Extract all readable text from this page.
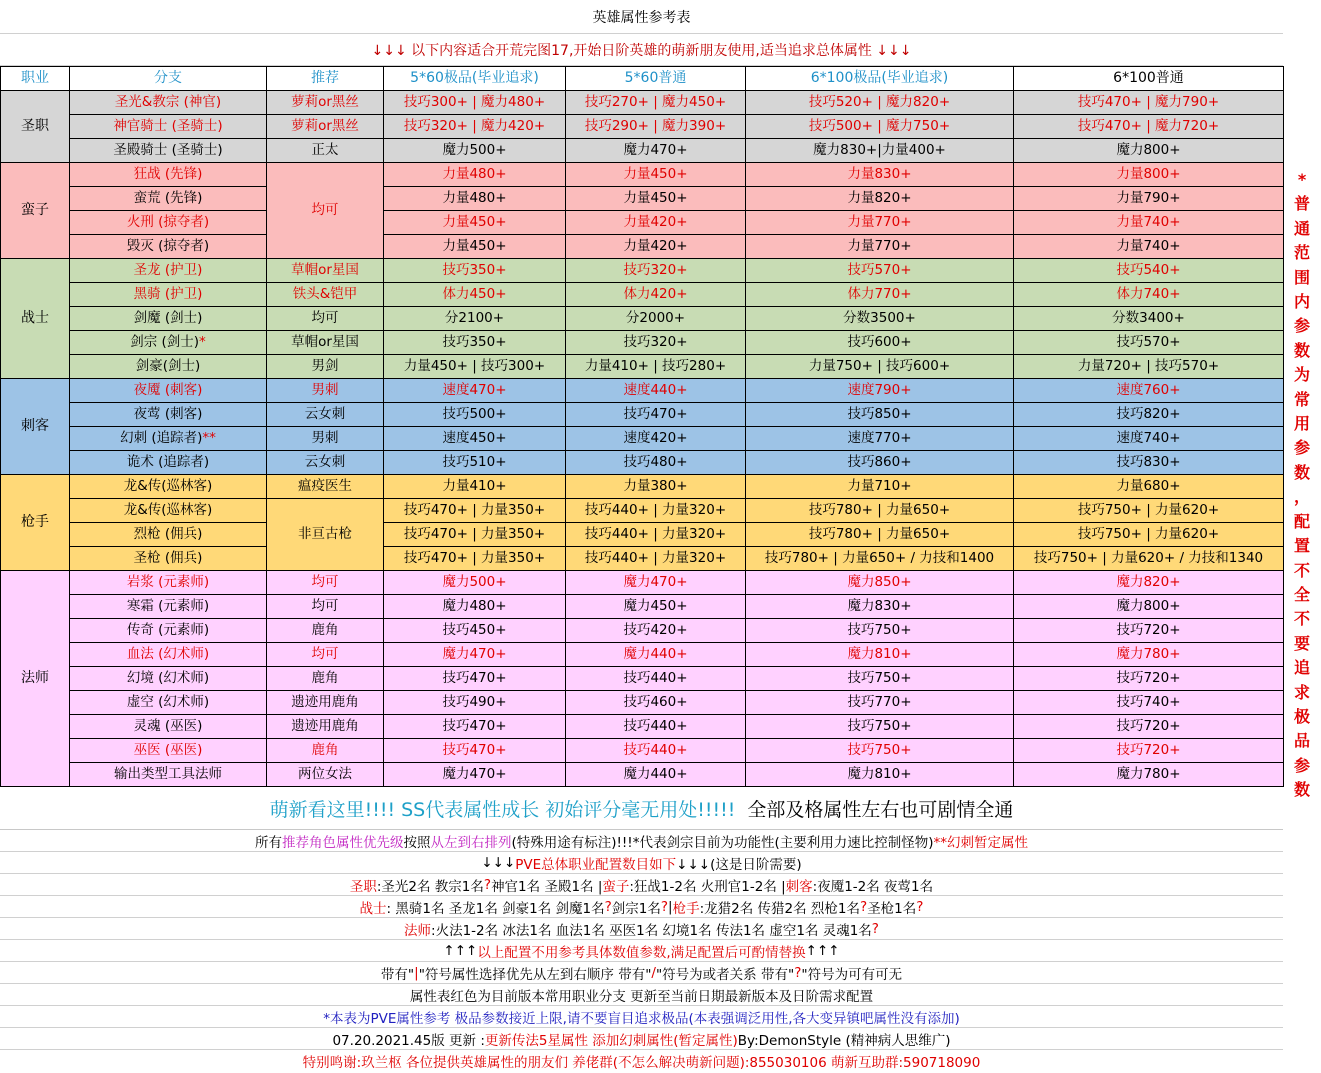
英雄属性参考表
↓↓↓ 以下内容适合开荒完图17,开始日阶英雄的萌新朋友使用,适当追求总体属性 ↓↓↓
职业	分支	推荐	5*60极品(毕业追求)	5*60普通	6*100极品(毕业追求)	6*100普通
圣职	圣光&教宗 (神官)	萝莉or黑丝	技巧300+ | 魔力480+	技巧270+ | 魔力450+	技巧520+ | 魔力820+	技巧470+ | 魔力790+
	神官骑士 (圣骑士)	萝莉or黑丝	技巧320+ | 魔力420+	技巧290+ | 魔力390+	技巧500+ | 魔力750+	技巧470+ | 魔力720+
	圣殿骑士 (圣骑士)	正太	魔力500+	魔力470+	魔力830+|力量400+	魔力800+
蛮子	狂战 (先锋)	均可	力量480+	力量450+	力量830+	力量800+
	蛮荒 (先锋)		力量480+	力量450+	力量820+	力量790+
	火刑 (掠夺者)		力量450+	力量420+	力量770+	力量740+
	毁灭 (掠夺者)		力量450+	力量420+	力量770+	力量740+
战士	圣龙 (护卫)	草帽or星国	技巧350+	技巧320+	技巧570+	技巧540+
	黑骑 (护卫)	铁头&铠甲	体力450+	体力420+	体力770+	体力740+
	剑魔 (剑士)	均可	分2100+	分2000+	分数3500+	分数3400+
	剑宗 (剑士)*	草帽or星国	技巧350+	技巧320+	技巧600+	技巧570+
	剑豪(剑士)	男剑	力量450+ | 技巧300+	力量410+ | 技巧280+	力量750+ | 技巧600+	力量720+ | 技巧570+
刺客	夜魇 (刺客)	男刺	速度470+	速度440+	速度790+	速度760+
	夜莺 (刺客)	云女刺	技巧500+	技巧470+	技巧850+	技巧820+
	幻刺 (追踪者)**	男刺	速度450+	速度420+	速度770+	速度740+
	诡术 (追踪者)	云女刺	技巧510+	技巧480+	技巧860+	技巧830+
枪手	龙&传(巡林客)	瘟疫医生	力量410+	力量380+	力量710+	力量680+
	龙&传(巡林客)	非亘古枪	技巧470+ | 力量350+	技巧440+ | 力量320+	技巧780+ | 力量650+	技巧750+ | 力量620+
	烈枪 (佣兵)		技巧470+ | 力量350+	技巧440+ | 力量320+	技巧780+ | 力量650+	技巧750+ | 力量620+
	圣枪 (佣兵)		技巧470+ | 力量350+	技巧440+ | 力量320+	技巧780+ | 力量650+ / 力技和1400	技巧750+ | 力量620+ / 力技和1340
法师	岩浆 (元素师)	均可	魔力500+	魔力470+	魔力850+	魔力820+
	寒霜 (元素师)	均可	魔力480+	魔力450+	魔力830+	魔力800+
	传奇 (元素师)	鹿角	技巧450+	技巧420+	技巧750+	技巧720+
	血法 (幻术师)	均可	魔力470+	魔力440+	魔力810+	魔力780+
	幻境 (幻术师)	鹿角	技巧470+	技巧440+	技巧750+	技巧720+
	虚空 (幻术师)	遗迹用鹿角	技巧490+	技巧460+	技巧770+	技巧740+
	灵魂 (巫医)	遗迹用鹿角	技巧470+	技巧440+	技巧750+	技巧720+
	巫医 (巫医)	鹿角	技巧470+	技巧440+	技巧750+	技巧720+
	输出类型工具法师	两位女法	魔力470+	魔力440+	魔力810+	魔力780+
*
普
通
范
围
内
参
数
为
常
用
参
数
，
配
置
不
全
不
要
追
求
极
品
参
数
萌新看这里!!!! SS代表属性成长 初始评分毫无用处!!!!! 全部及格属性左右也可剧情全通
所有 推荐角色属性优先级 按照 从左到右排列 (特殊用途有标注)!!! *代表剑宗目前为功能性(主要利用力速比控制怪物) **幻刺暂定属性
↓↓↓ PVE总体职业配置数目如下 ↓↓↓(这是日阶需要)
圣职 :圣光2名 教宗1名 ? 神官1名 圣殿1名 | 蛮子 :狂战1-2名 火刑官1-2名 | 刺客 :夜魇1-2名 夜莺1名
战士 : 黑骑1名 圣龙1名 剑豪1名 剑魔1名 ? 剑宗1名 ? | 枪手 :龙猎2名 传猎2名 烈枪1名 ? 圣枪1名 ?
法师 :火法1-2名 冰法1名 血法1名 巫医1名 幻境1名 传法1名 虚空1名 灵魂1名 ?
↑↑↑ 以上配置不用参考具体数值参数,满足配置后可酌情替换 ↑↑↑
带有" | "符号属性选择优先从左到右顺序 带有" / "符号为或者关系 带有" ? "符号为可有可无
属性表红色为目前版本常用职业分支 更新至当前日期最新版本及日阶需求配置
*本表为PVE属性参考 极品参数接近上限,请不要盲目追求极品(本表强调泛用性,各大变异镇吧属性没有添加)
07.20.2021.45版 更新 : 更新传法5星属性 添加幻刺属性(暂定属性) By:DemonStyle (精神病人思维广)
特别鸣谢:玖兰枢 各位提供英雄属性的朋友们 养佬群(不怎么解决萌新问题):855030106 萌新互助群:590718090
